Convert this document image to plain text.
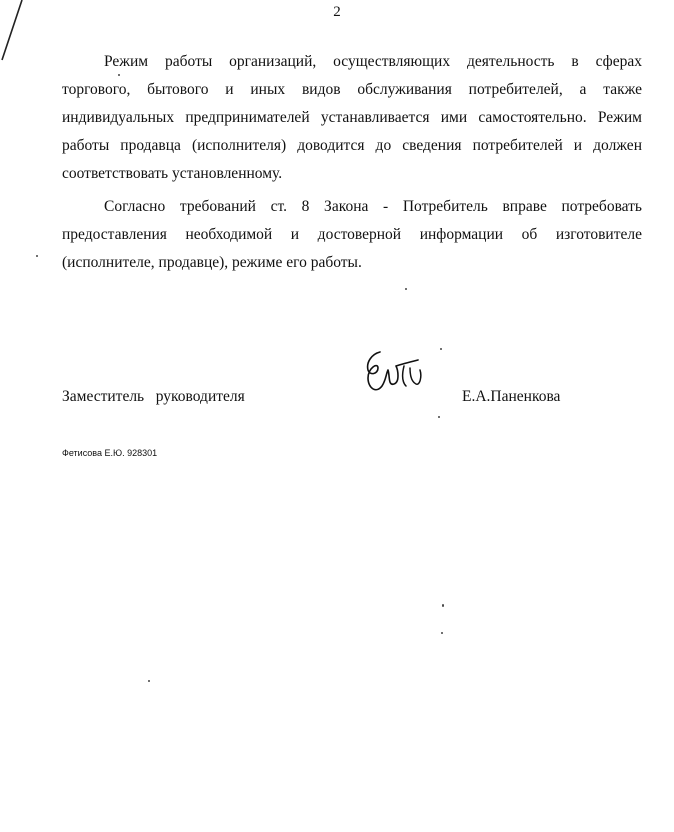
2
Режим работы организаций, осуществляющих деятельность в сферах
торгового, бытового и иных видов обслуживания потребителей, а также
индивидуальных предпринимателей устанавливается ими самостоятельно. Режим
работы продавца (исполнителя) доводится до сведения потребителей и должен
соответствовать установленному.
Согласно требований ст. 8 Закона - Потребитель вправе потребовать
предоставления необходимой и достоверной информации об изготовителе
(исполнителе, продавце), режиме его работы.
Заместитель   руководителя	Е.А.Паненкова
Фетисова Е.Ю. 928301
